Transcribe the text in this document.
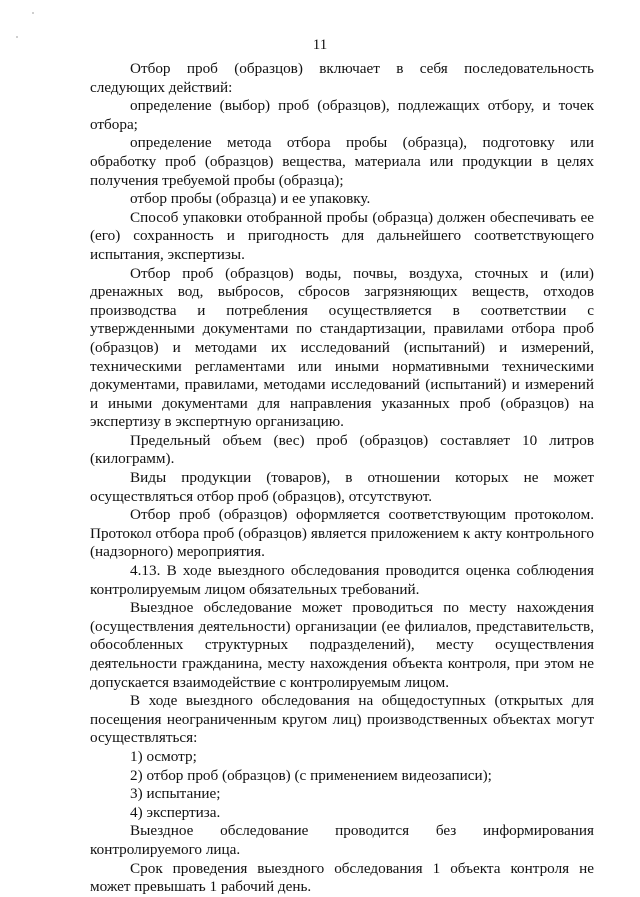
11

Отбор проб (образцов) включает в себя последовательность следующих действий:

определение (выбор) проб (образцов), подлежащих отбору, и точек отбора;

определение метода отбора пробы (образца), подготовку или обработку проб (образцов) вещества, материала или продукции в целях получения требуемой пробы (образца);

отбор пробы (образца) и ее упаковку.

Способ упаковки отобранной пробы (образца) должен обеспечивать ее (его) сохранность и пригодность для дальнейшего соответствующего испытания, экспертизы.

Отбор проб (образцов) воды, почвы, воздуха, сточных и (или) дренажных вод, выбросов, сбросов загрязняющих веществ, отходов производства и потребления осуществляется в соответствии с утвержденными документами по стандартизации, правилами отбора проб (образцов) и методами их исследований (испытаний) и измерений, техническими регламентами или иными нормативными техническими документами, правилами, методами исследований (испытаний) и измерений и иными документами для направления указанных проб (образцов) на экспертизу в экспертную организацию.

Предельный объем (вес) проб (образцов) составляет 10 литров (килограмм).

Виды продукции (товаров), в отношении которых не может осуществляться отбор проб (образцов), отсутствуют.

Отбор проб (образцов) оформляется соответствующим протоколом. Протокол отбора проб (образцов) является приложением к акту контрольного (надзорного) мероприятия.

4.13. В ходе выездного обследования проводится оценка соблюдения контролируемым лицом обязательных требований.

Выездное обследование может проводиться по месту нахождения (осуществления деятельности) организации (ее филиалов, представительств, обособленных структурных подразделений), месту осуществления деятельности гражданина, месту нахождения объекта контроля, при этом не допускается взаимодействие с контролируемым лицом.

В ходе выездного обследования на общедоступных (открытых для посещения неограниченным кругом лиц) производственных объектах могут осуществляться:

1) осмотр;

2) отбор проб (образцов) (с применением видеозаписи);

3) испытание;

4) экспертиза.

Выездное обследование проводится без информирования контролируемого лица.

Срок проведения выездного обследования 1 объекта контроля не может превышать 1 рабочий день.
